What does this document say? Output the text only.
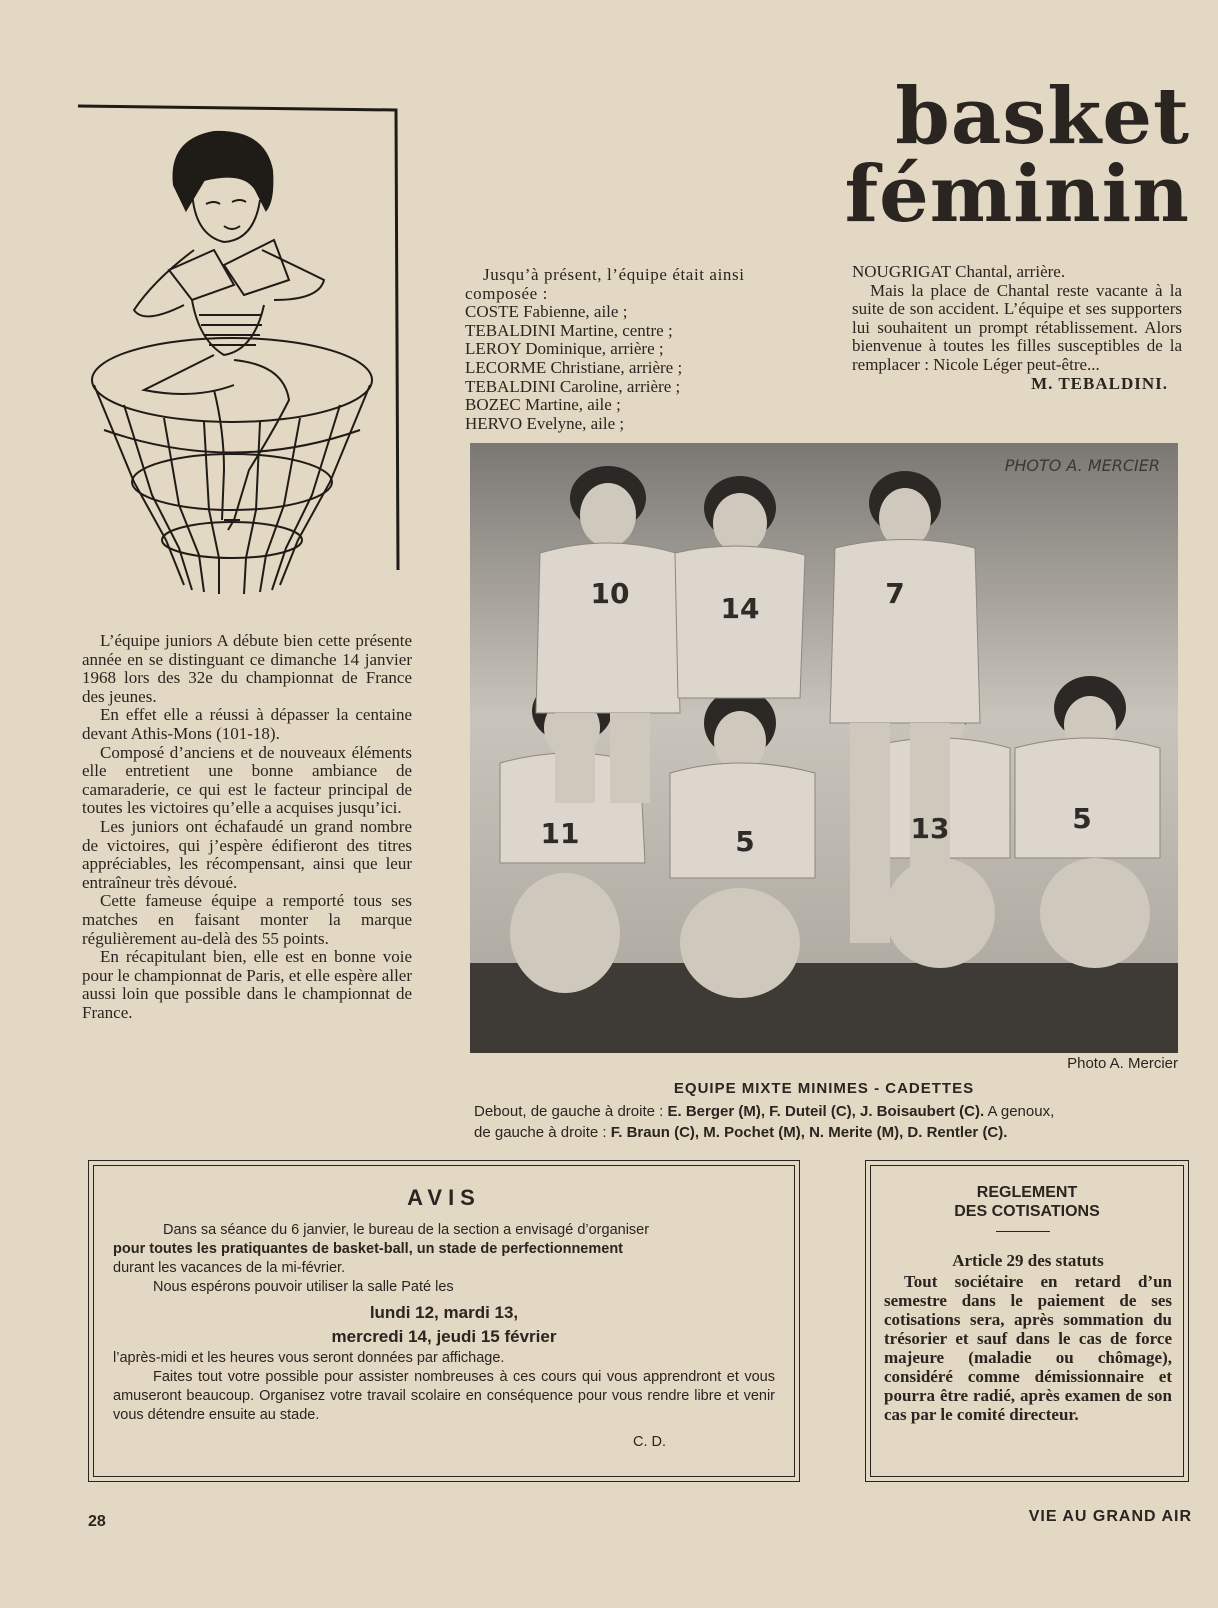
basket féminin

Jusqu’à présent, l’équipe était ainsi composée :

COSTE Fabienne, aile ;

TEBALDINI Martine, centre ;

LEROY Dominique, arrière ;

LECORME Christiane, arrière ;

TEBALDINI Caroline, arrière ;

BOZEC Martine, aile ;

HERVO Evelyne, aile ;

NOUGRIGAT Chantal, arrière.

Mais la place de Chantal reste vacante à la suite de son accident. L’équipe et ses supporters lui souhaitent un prompt rétablissement. Alors bienvenue à toutes les filles susceptibles de la remplacer : Nicole Léger peut-être...

M. TEBALDINI.

10	14	7
11	5	13	5
PHOTO A. MERCIER
Photo A. Mercier
EQUIPE MIXTE MINIMES - CADETTES
Debout, de gauche à droite : E. Berger (M), F. Duteil (C), J. Boisaubert (C). A genoux,
de gauche à droite : F. Braun (C), M. Pochet (M), N. Merite (M), D. Rentler (C).

L’équipe juniors A débute bien cette présente année en se distinguant ce dimanche 14 janvier 1968 lors des 32e du championnat de France des jeunes.

En effet elle a réussi à dépasser la centaine devant Athis-Mons (101-18).

Composé d’anciens et de nouveaux éléments elle entretient une bonne ambiance de camaraderie, ce qui est le facteur principal de toutes les victoires qu’elle a acquises jusqu’ici.

Les juniors ont échafaudé un grand nombre de victoires, qui j’espère édifieront des titres appréciables, les récompensant, ainsi que leur entraîneur très dévoué.

Cette fameuse équipe a remporté tous ses matches en faisant monter la marque régulièrement au-delà des 55 points.

En récapitulant bien, elle est en bonne voie pour le championnat de Paris, et elle espère aller aussi loin que possible dans le championnat de France.

AVIS
Dans sa séance du 6 janvier, le bureau de la section a envisagé d’organiser
pour toutes les pratiquantes de basket-ball, un stade de perfectionnement
durant les vacances de la mi-février.
Nous espérons pouvoir utiliser la salle Paté les
lundi 12, mardi 13,
mercredi 14, jeudi 15 février
l’après-midi et les heures vous seront données par affichage.
Faites tout votre possible pour assister nombreuses à ces cours qui vous apprendront et vous amuseront beaucoup. Organisez votre travail scolaire en conséquence pour vous rendre libre et venir vous détendre ensuite au stade.
C. D.
REGLEMENT
DES COTISATIONS
Article 29 des statuts
Tout sociétaire en retard d’un semestre dans le paiement de ses cotisations sera, après sommation du trésorier et sauf dans le cas de force majeure (maladie ou chômage), considéré comme démissionnaire et pourra être radié, après examen de son cas par le comité directeur.
28	VIE AU GRAND AIR
